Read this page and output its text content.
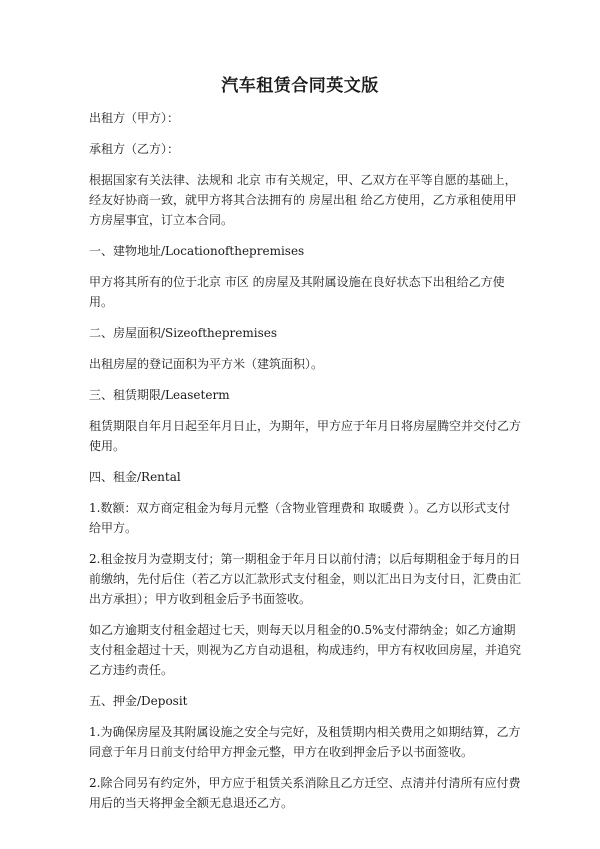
汽车租赁合同英文版
出租方（甲方）：
承租方（乙方）：
根据国家有关法律、法规和 北京 市有关规定，甲、乙双方在平等自愿的基础上，经友好协商一致，就甲方将其合法拥有的 房屋出租 给乙方使用，乙方承租使用甲方房屋事宜，订立本合同。
一、建物地址/Locationofthepremises
甲方将其所有的位于北京 市区 的房屋及其附属设施在良好状态下出租给乙方使用。
二、房屋面积/Sizeofthepremises
出租房屋的登记面积为平方米（建筑面积）。
三、租赁期限/Leaseterm
租赁期限自年月日起至年月日止，为期年，甲方应于年月日将房屋腾空并交付乙方使用。
四、租金/Rental
1.数额：双方商定租金为每月元整（含物业管理费和 取暖费 ）。乙方以形式支付给甲方。
2.租金按月为壹期支付；第一期租金于年月日以前付清；以后每期租金于每月的日前缴纳，先付后住（若乙方以汇款形式支付租金，则以汇出日为支付日，汇费由汇出方承担）；甲方收到租金后予书面签收。
如乙方逾期支付租金超过七天，则每天以月租金的0.5%支付滞纳金；如乙方逾期支付租金超过十天，则视为乙方自动退租，构成违约，甲方有权收回房屋，并追究乙方违约责任。
五、押金/Deposit
1.为确保房屋及其附属设施之安全与完好，及租赁期内相关费用之如期结算，乙方同意于年月日前支付给甲方押金元整，甲方在收到押金后予以书面签收。
2.除合同另有约定外，甲方应于租赁关系消除且乙方迁空、点清并付清所有应付费用后的当天将押金全额无息退还乙方。
